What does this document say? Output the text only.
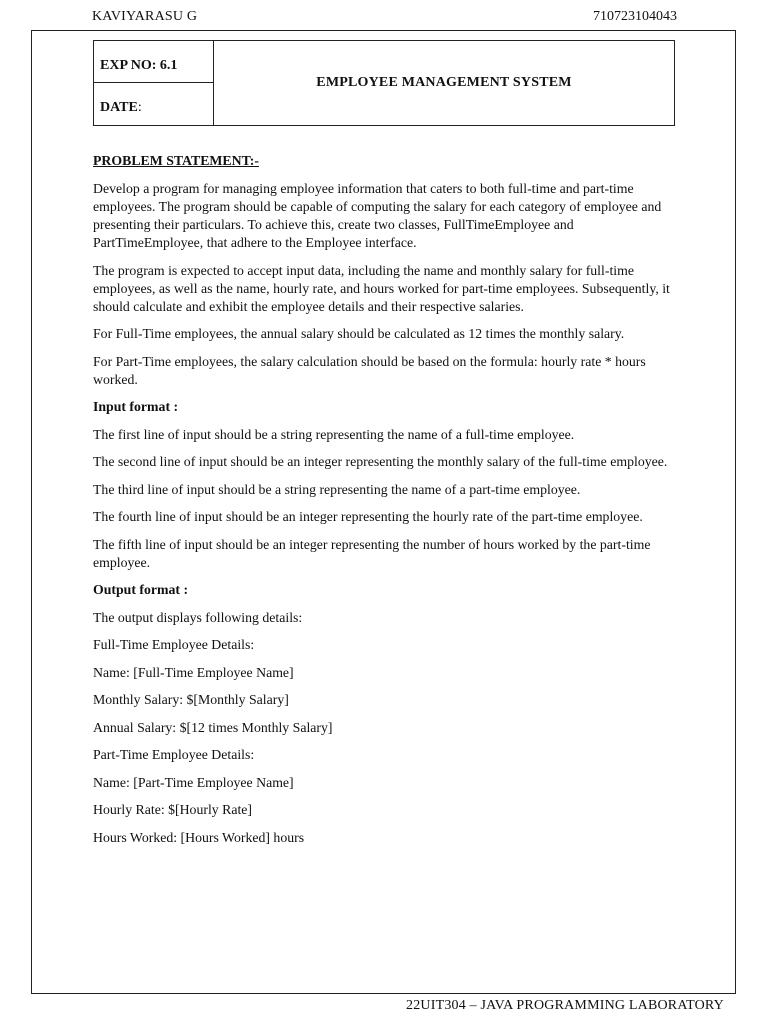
KAVIYARASU G	710723104043
EXP NO: 6.1
DATE:
EMPLOYEE MANAGEMENT SYSTEM

PROBLEM STATEMENT:-

Develop a program for managing employee information that caters to both full-time and part-time employees. The program should be capable of computing the salary for each category of employee and presenting their particulars. To achieve this, create two classes, FullTimeEmployee and PartTimeEmployee, that adhere to the Employee interface.

The program is expected to accept input data, including the name and monthly salary for full-time employees, as well as the name, hourly rate, and hours worked for part-time employees. Subsequently, it should calculate and exhibit the employee details and their respective salaries.

For Full-Time employees, the annual salary should be calculated as 12 times the monthly salary.

For Part-Time employees, the salary calculation should be based on the formula: hourly rate * hours worked.

Input format :

The first line of input should be a string representing the name of a full-time employee.

The second line of input should be an integer representing the monthly salary of the full-time employee.

The third line of input should be a string representing the name of a part-time employee.

The fourth line of input should be an integer representing the hourly rate of the part-time employee.

The fifth line of input should be an integer representing the number of hours worked by the part-time employee.

Output format :

The output displays following details:

Full-Time Employee Details:

Name: [Full-Time Employee Name]

Monthly Salary: $[Monthly Salary]

Annual Salary: $[12 times Monthly Salary]

Part-Time Employee Details:

Name: [Part-Time Employee Name]

Hourly Rate: $[Hourly Rate]

Hours Worked: [Hours Worked] hours

22UIT304 – JAVA PROGRAMMING LABORATORY
